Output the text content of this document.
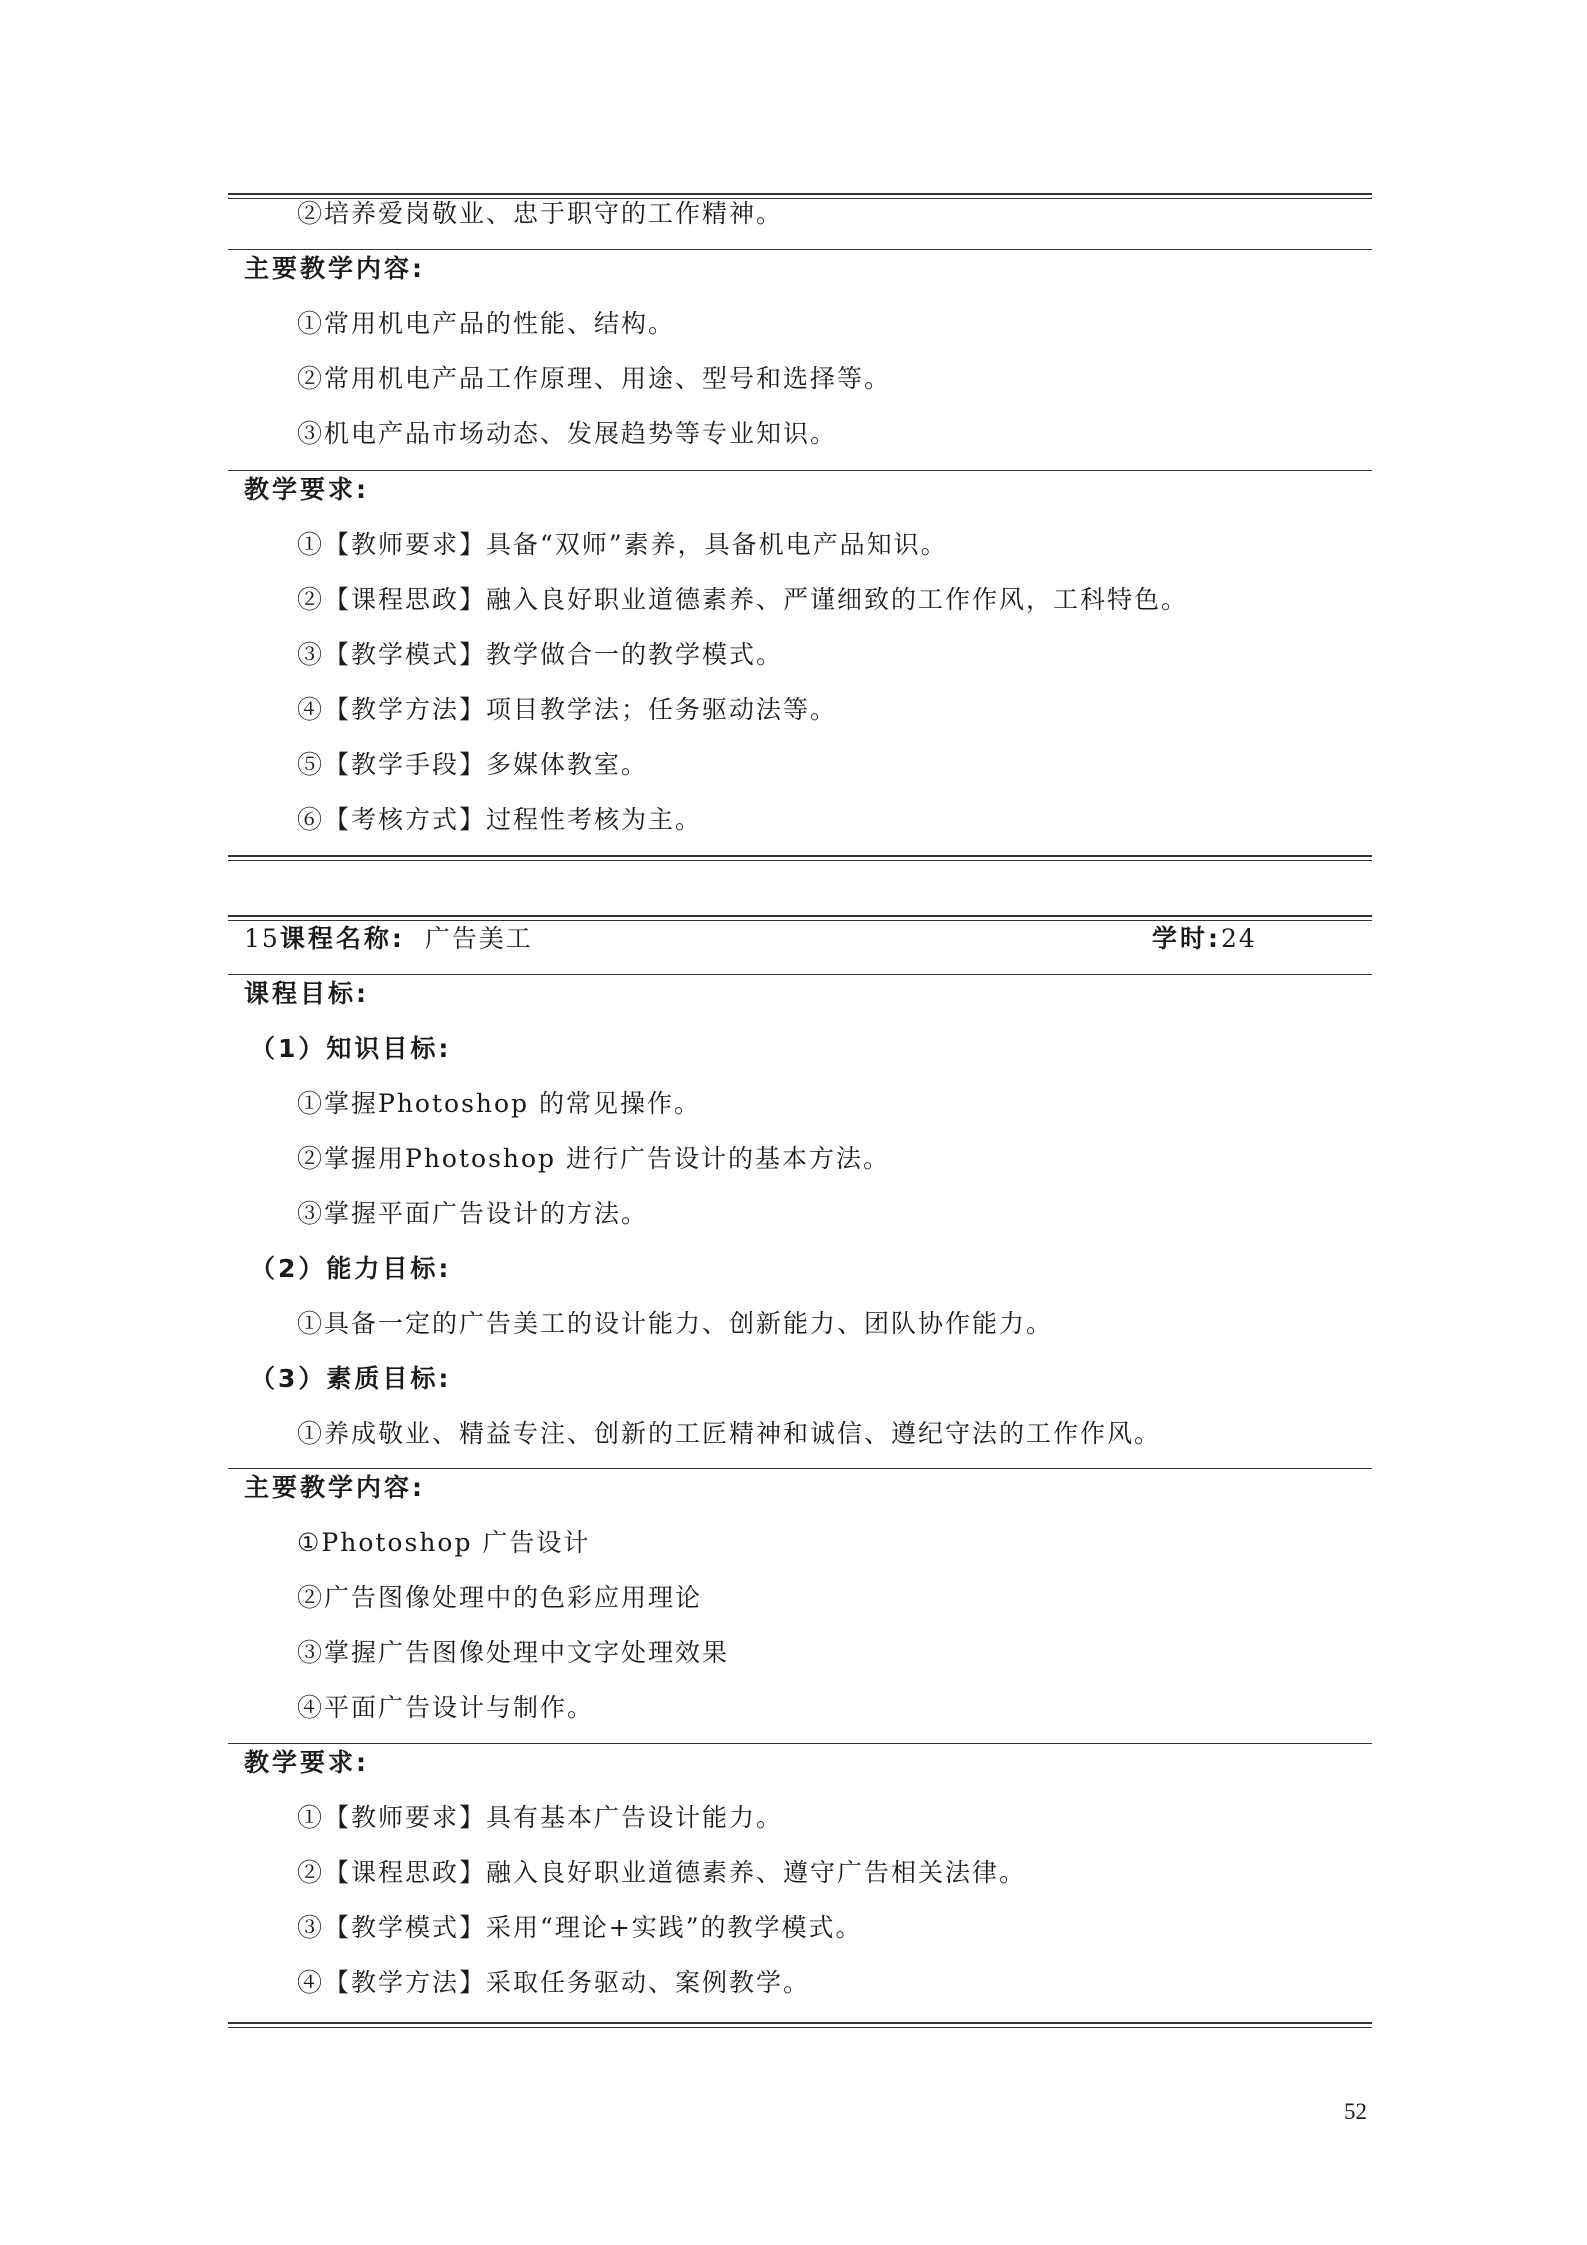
②培养爱岗敬业、忠于职守的工作精神。
主要教学内容:
①常用机电产品的性能、结构。
②常用机电产品工作原理、用途、型号和选择等。
③机电产品市场动态、发展趋势等专业知识。
教学要求:
①【教师要求】具备“双师”素养，具备机电产品知识。
②【课程思政】融入良好职业道德素养、严谨细致的工作作风，工科特色。
③【教学模式】教学做合一的教学模式。
④【教学方法】项目教学法；任务驱动法等。
⑤【教学手段】多媒体教室。
⑥【考核方式】过程性考核为主。
15课程名称: 广告美工	学时:24
课程目标:
（1）知识目标:
①掌握Photoshop 的常见操作。
②掌握用Photoshop 进行广告设计的基本方法。
③掌握平面广告设计的方法。
（2）能力目标:
①具备一定的广告美工的设计能力、创新能力、团队协作能力。
（3）素质目标:
①养成敬业、精益专注、创新的工匠精神和诚信、遵纪守法的工作作风。
主要教学内容:
①Photoshop 广告设计
②广告图像处理中的色彩应用理论
③掌握广告图像处理中文字处理效果
④平面广告设计与制作。
教学要求:
①【教师要求】具有基本广告设计能力。
②【课程思政】融入良好职业道德素养、遵守广告相关法律。
③【教学模式】采用“理论+实践”的教学模式。
④【教学方法】采取任务驱动、案例教学。
52
